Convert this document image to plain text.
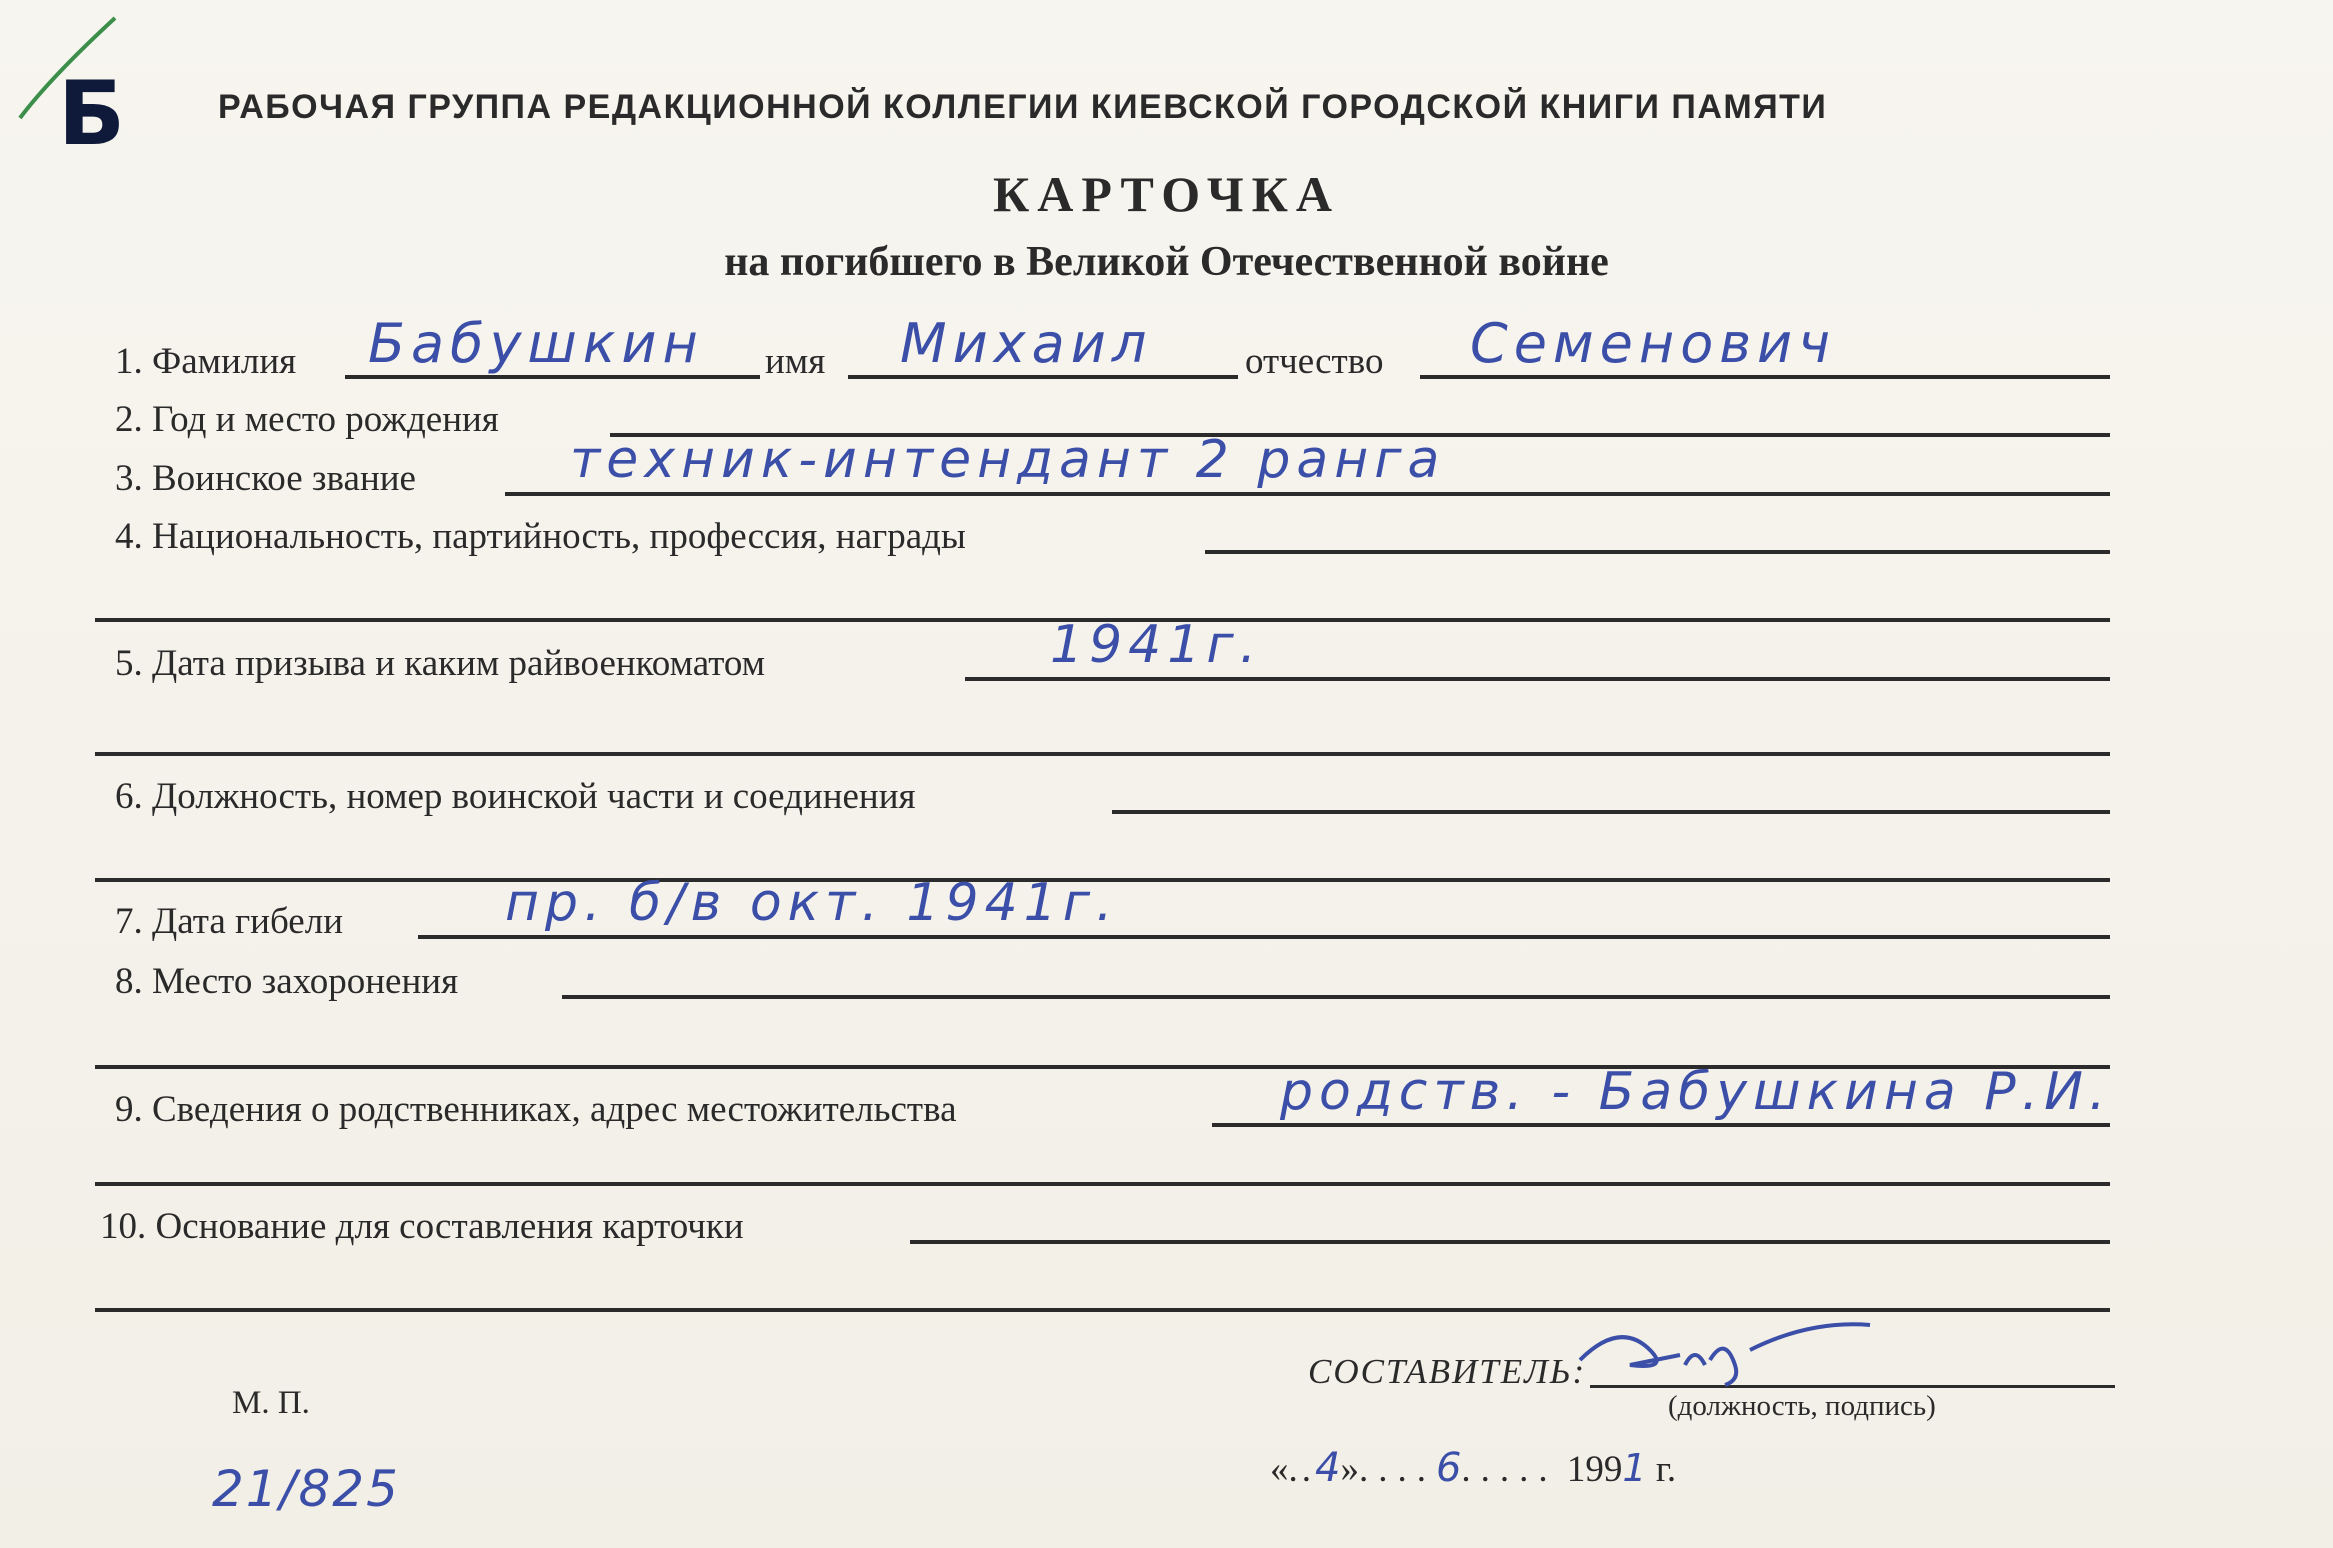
Б	РАБОЧАЯ ГРУППА РЕДАКЦИОННОЙ КОЛЛЕГИИ КИЕВСКОЙ ГОРОДСКОЙ КНИГИ ПАМЯТИ
КАРТОЧКА
на погибшего в Великой Отечественной войне
1. Фамилия Бабушкин имя Михаил	отчество Семенович
2. Год и место рождения
3. Воинское звание	техник-интендант 2 ранга
4. Национальность, партийность, профессия, награды
5. Дата призыва и каким райвоенкоматом	1941г.
6. Должность, номер воинской части и соединения
7. Дата гибели	пр. б/в окт. 1941г.
8. Место захоронения
9. Сведения о родственниках, адрес местожительства	родств. - Бабушкина Р.И.
10. Основание для составления карточки
М. П.
СОСТАВИТЕЛЬ:
(должность, подпись)
«..4»....6..... 1991 г.
21/825
